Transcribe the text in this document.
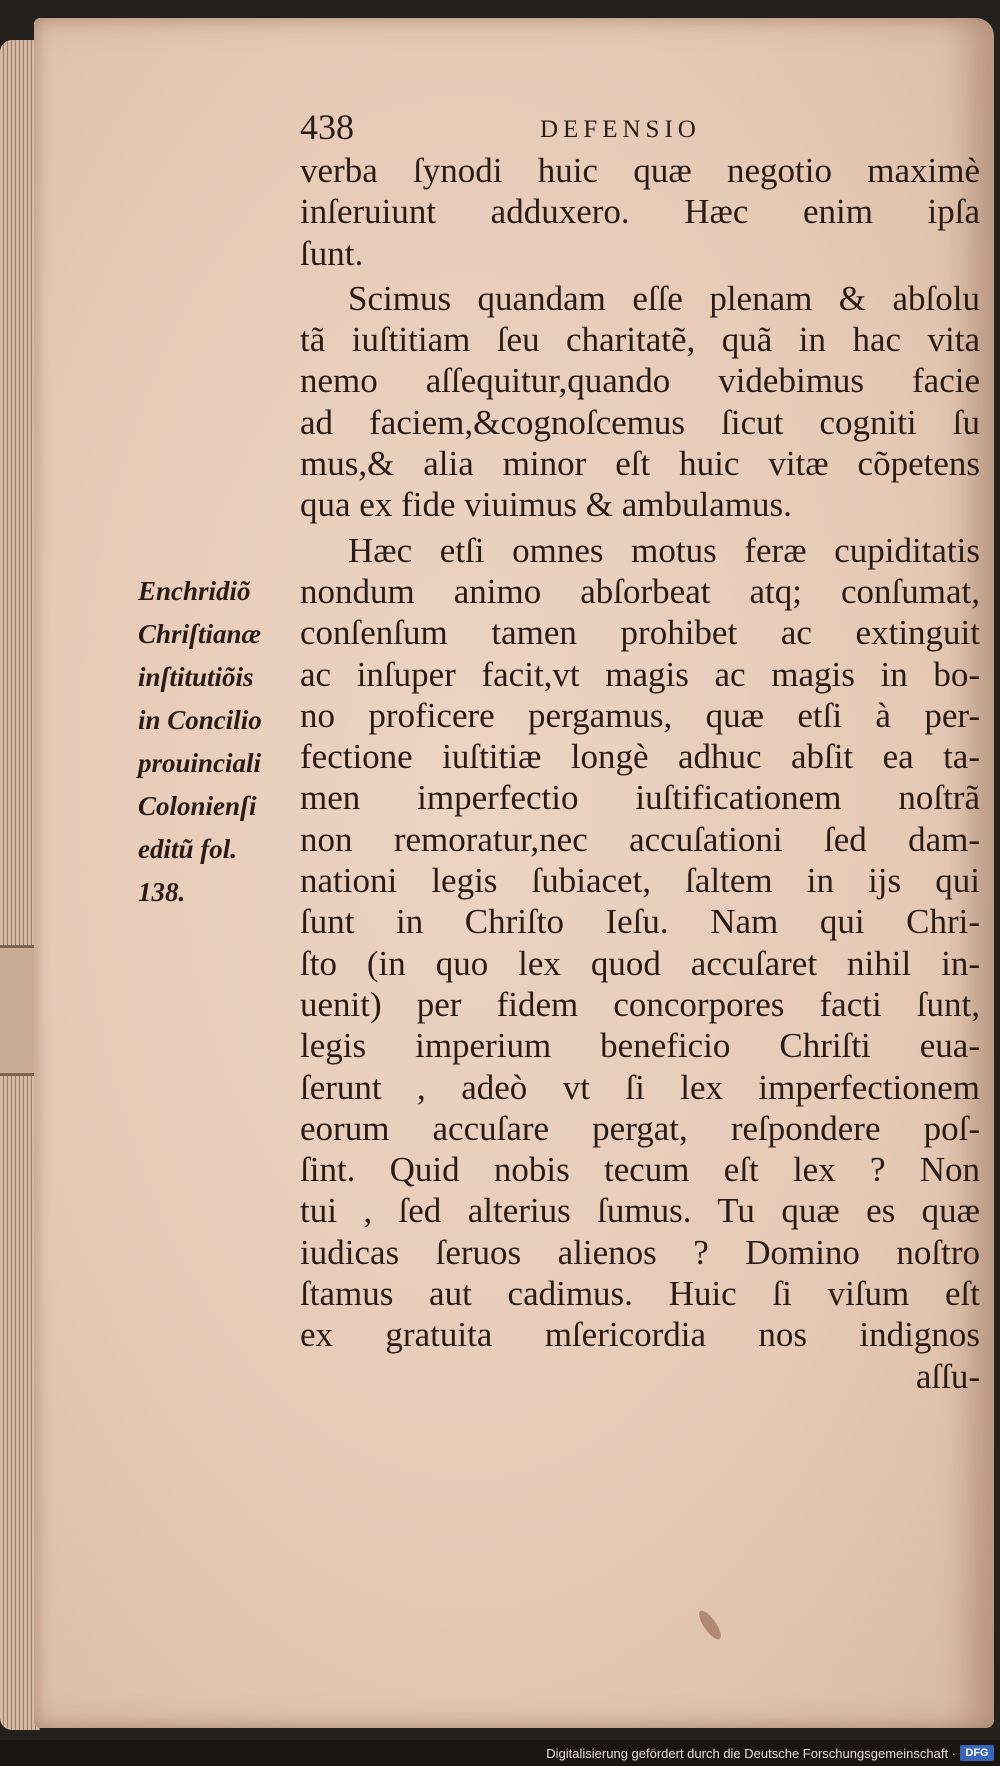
438	DEFENSIO
Enchridiõ
Chriſtianæ
inſtitutiõis
in Concilio
prouinciali
Colonienſi
editũ fol.
138.
verba ſynodi huic quæ negotio maximè
inſeruiunt adduxero. Hæc enim ipſa
ſunt.
Scimus quandam eſſe plenam & abſolu
tã iuſtitiam ſeu charitatẽ, quã in hac vita
nemo aſſequitur,quando videbimus facie
ad faciem,&cognoſcemus ſicut cogniti ſu
mus,& alia minor eſt huic vitæ cõpetens
qua ex fide viuimus & ambulamus.
Hæc etſi omnes motus feræ cupiditatis
nondum animo abſorbeat atq; conſumat,
conſenſum tamen prohibet ac extinguit
ac inſuper facit,vt magis ac magis in bo-
no proficere pergamus, quæ etſi à per-
fectione iuſtitiæ longè adhuc abſit ea ta-
men imperfectio iuſtificationem noſtrã
non remoratur,nec accuſationi ſed dam-
nationi legis ſubiacet, ſaltem in ijs qui
ſunt in Chriſto Ieſu. Nam qui Chri-
ſto (in quo lex quod accuſaret nihil in-
uenit) per fidem concorpores facti ſunt,
legis imperium beneficio Chriſti eua-
ſerunt , adeò vt ſi lex imperfectionem
eorum accuſare pergat, reſpondere poſ-
ſint. Quid nobis tecum eſt lex ? Non
tui , ſed alterius ſumus. Tu quæ es quæ
iudicas ſeruos alienos ? Domino noſtro
ſtamus aut cadimus. Huic ſi viſum eſt
ex gratuita mſericordia nos indignos
aſſu-
Digitalisierung gefördert durch die Deutsche Forschungsgemeinschaft · DFG
